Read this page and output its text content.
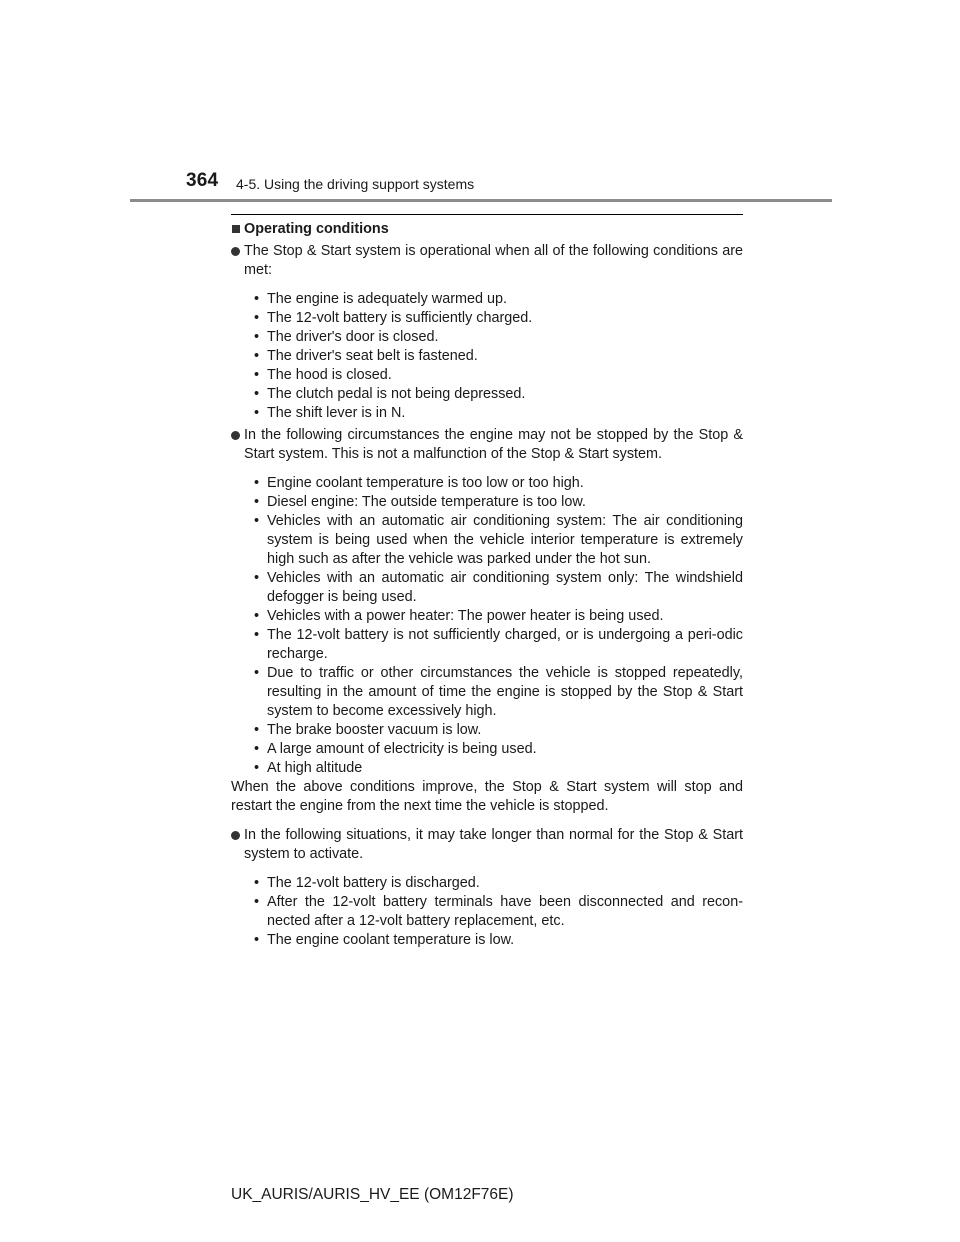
364 4-5. Using the driving support systems

Operating conditions

The Stop & Start system is operational when all of the following conditions are met:

• The engine is adequately warmed up.
• The 12-volt battery is sufficiently charged.
• The driver's door is closed.
• The driver's seat belt is fastened.
• The hood is closed.
• The clutch pedal is not being depressed.
• The shift lever is in N.

In the following circumstances the engine may not be stopped by the Stop & Start system. This is not a malfunction of the Stop & Start system.

• Engine coolant temperature is too low or too high.
• Diesel engine: The outside temperature is too low.
• Vehicles with an automatic air conditioning system: The air conditioning system is being used when the vehicle interior temperature is extremely high such as after the vehicle was parked under the hot sun.
• Vehicles with an automatic air conditioning system only: The windshield defogger is being used.
• Vehicles with a power heater: The power heater is being used.
• The 12-volt battery is not sufficiently charged, or is undergoing a peri-odic recharge.
• Due to traffic or other circumstances the vehicle is stopped repeatedly, resulting in the amount of time the engine is stopped by the Stop & Start system to become excessively high.
• The brake booster vacuum is low.
• A large amount of electricity is being used.
• At high altitude

When the above conditions improve, the Stop & Start system will stop and restart the engine from the next time the vehicle is stopped.

In the following situations, it may take longer than normal for the Stop & Start system to activate.

• The 12-volt battery is discharged.
• After the 12-volt battery terminals have been disconnected and recon-nected after a 12-volt battery replacement, etc.
• The engine coolant temperature is low.
UK_AURIS/AURIS_HV_EE (OM12F76E)
